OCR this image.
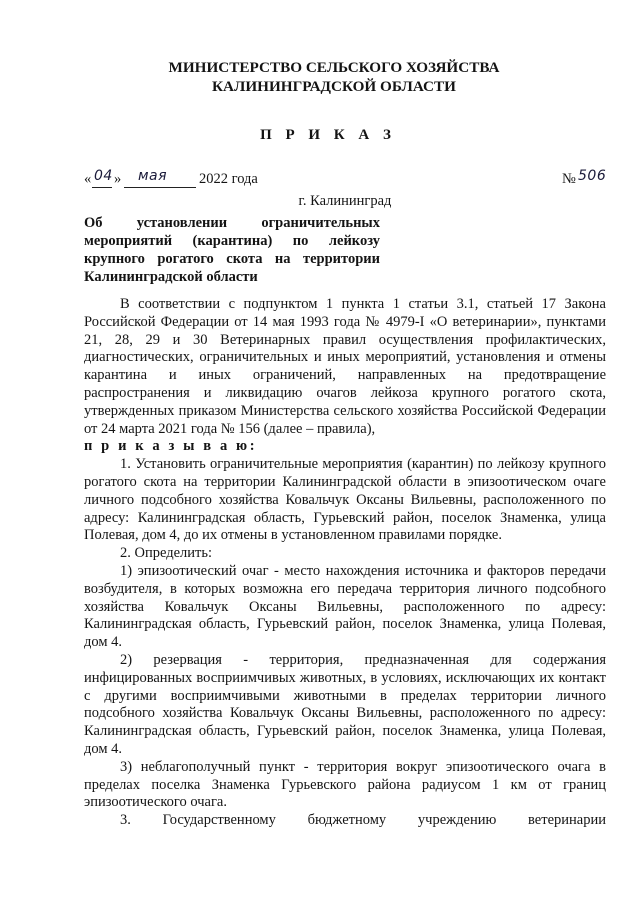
МИНИСТЕРСТВО СЕЛЬСКОГО ХОЗЯЙСТВА
КАЛИНИНГРАДСКОЙ ОБЛАСТИ
П Р И К А З
« 04 » мая 2022 года	№ 506
г. Калининград
Об установлении ограничительных мероприятий (карантина) по лейкозу крупного рогатого скота на территории Калининградской области

В соответствии с подпунктом 1 пункта 1 статьи 3.1, статьей 17 Закона Российской Федерации от 14 мая 1993 года № 4979-I «О ветеринарии», пунктами 21, 28, 29 и 30 Ветеринарных правил осуществления профилактических, диагностических, ограничительных и иных мероприятий, установления и отмены карантина и иных ограничений, направленных на предотвращение распространения и ликвидацию очагов лейкоза крупного рогатого скота, утвержденных приказом Министерства сельского хозяйства Российской Федерации от 24 марта 2021 года № 156 (далее – правила),

п р и к а з ы в а ю:

1. Установить ограничительные мероприятия (карантин) по лейкозу крупного рогатого скота на территории Калининградской области в эпизоотическом очаге личного подсобного хозяйства Ковальчук Оксаны Вильевны, расположенного по адресу: Калининградская область, Гурьевский район, поселок Знаменка, улица Полевая, дом 4, до их отмены в установленном правилами порядке.

2. Определить:

1) эпизоотический очаг - место нахождения источника и факторов передачи возбудителя, в которых возможна его передача территория личного подсобного хозяйства Ковальчук Оксаны Вильевны, расположенного по адресу: Калининградская область, Гурьевский район, поселок Знаменка, улица Полевая, дом 4.

2) резервация - территория, предназначенная для содержания инфицированных восприимчивых животных, в условиях, исключающих их контакт с другими восприимчивыми животными в пределах территории личного подсобного хозяйства Ковальчук Оксаны Вильевны, расположенного по адресу: Калининградская область, Гурьевский район, поселок Знаменка, улица Полевая, дом 4.

3) неблагополучный пункт - территория вокруг эпизоотического очага в пределах поселка Знаменка Гурьевского района радиусом 1 км от границ эпизоотического очага.

3. Государственному бюджетному учреждению ветеринарии
